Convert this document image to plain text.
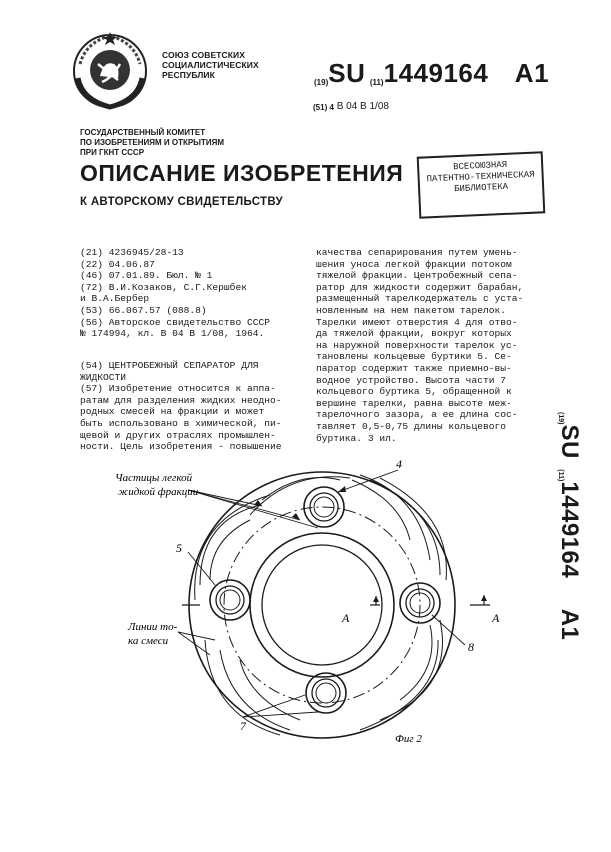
СОЮЗ СОВЕТСКИХ
СОЦИАЛИСТИЧЕСКИХ
РЕСПУБЛИК
(19)SU (11)1449164 A1
(51) 4 В 04 В 1/08
ГОСУДАРСТВЕННЫЙ КОМИТЕТ
ПО ИЗОБРЕТЕНИЯМ И ОТКРЫТИЯМ
ПРИ ГКНТ СССР
ОПИСАНИЕ ИЗОБРЕТЕНИЯ
К АВТОРСКОМУ СВИДЕТЕЛЬСТВУ
ВСЕСОЮЗНАЯ
ПАТЕНТНО-ТЕХНИЧЕСКАЯ
БИБЛИОТЕКА
(21) 4236945/28-13
(22) 04.06.87
(46) 07.01.89. Бюл. № 1
(72) В.И.Козаков, С.Г.Кершбек
и В.А.Бербер
(53) 66.067.57 (088.8)
(56) Авторское свидетельство СССР
№ 174994, кл. В 04 В 1/08, 1964.
(54) ЦЕНТРОБЕЖНЫЙ СЕПАРАТОР ДЛЯ
ЖИДКОСТИ
(57) Изобретение относится к аппа-
ратам для разделения жидких неодно-
родных смесей на фракции и может
быть использовано в химической, пи-
щевой и других отраслях промышлен-
ности. Цель изобретения - повышение
качества сепарирования путем умень-
шения уноса легкой фракции потоком
тяжелой фракции. Центробежный сепа-
ратор для жидкости содержит барабан,
размещенный тарелкодержатель с уста-
новленным на нем пакетом тарелок.
Тарелки имеют отверстия 4 для отво-
да тяжелой фракции, вокруг которых
на наружной поверхности тарелок ус-
тановлены кольцевые буртики 5. Се-
паратор содержит также приемно-вы-
водное устройство. Высота части 7
кольцевого буртика 5, обращенной к
вершине тарелки, равна высоте меж-
тарелочного зазора, а ее длина сос-
тавляет 0,5-0,75 длины кольцевого
буртика. 3 ил.
(19)SU (11)1449164 A1
Частицы легкой
жидкой фракции
Линии то-
ка смеси
4
5
7
8
А	А
Фиг 2
